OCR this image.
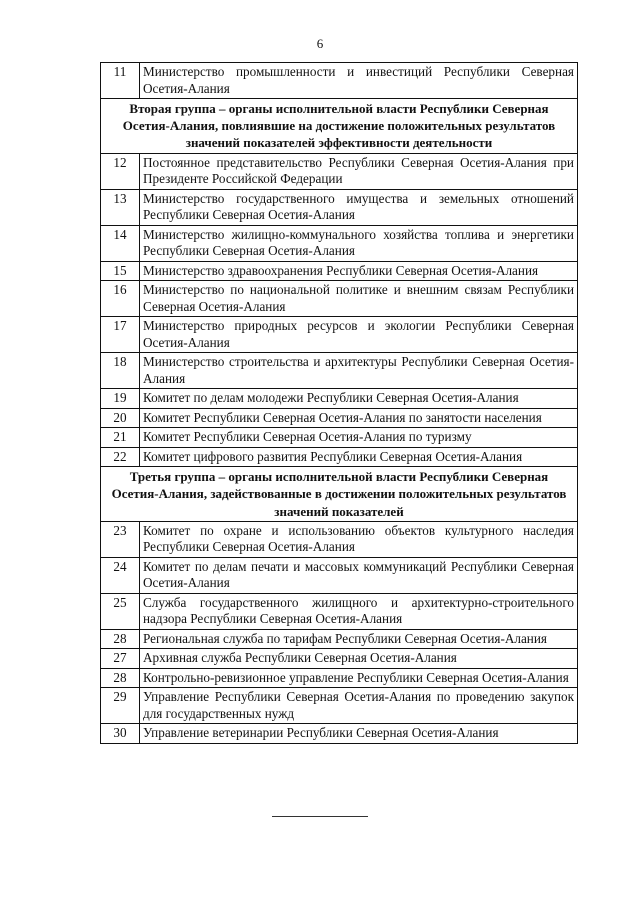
6
11	Министерство промышленности и инвестиций Республики Северная Осетия-Алания
Вторая группа – органы исполнительной власти Республики Северная Осетия-Алания, повлиявшие на достижение положительных результатов значений показателей эффективности деятельности	
12	Постоянное представительство Республики Северная Осетия-Алания при Президенте Российской Федерации
13	Министерство государственного имущества и земельных отношений Республики Северная Осетия-Алания
14	Министерство жилищно-коммунального хозяйства топлива и энергетики Республики Северная Осетия-Алания
15	Министерство здравоохранения Республики Северная Осетия-Алания
16	Министерство по национальной политике и внешним связам Республики Северная Осетия-Алания
17	Министерство природных ресурсов и экологии Республики Северная Осетия-Алания
18	Министерство строительства и архитектуры Республики Северная Осетия-Алания
19	Комитет по делам молодежи Республики Северная Осетия-Алания
20	Комитет Республики Северная Осетия-Алания по занятости населения
21	Комитет Республики Северная Осетия-Алания по туризму
22	Комитет цифрового развития Республики Северная Осетия-Алания
Третья группа – органы исполнительной власти Республики Северная Осетия-Алания, задействованные в достижении положительных результатов значений показателей	
23	Комитет по охране и использованию объектов культурного наследия Республики Северная Осетия-Алания
24	Комитет по делам печати и массовых коммуникаций Республики Северная Осетия-Алания
25	Служба государственного жилищного и архитектурно-строительного надзора Республики Северная Осетия-Алания
28	Региональная служба по тарифам Республики Северная Осетия-Алания
27	Архивная служба Республики Северная Осетия-Алания
28	Контрольно-ревизионное управление Республики Северная Осетия-Алания
29	Управление Республики Северная Осетия-Алания по проведению закупок для государственных нужд
30	Управление ветеринарии Республики Северная Осетия-Алания
